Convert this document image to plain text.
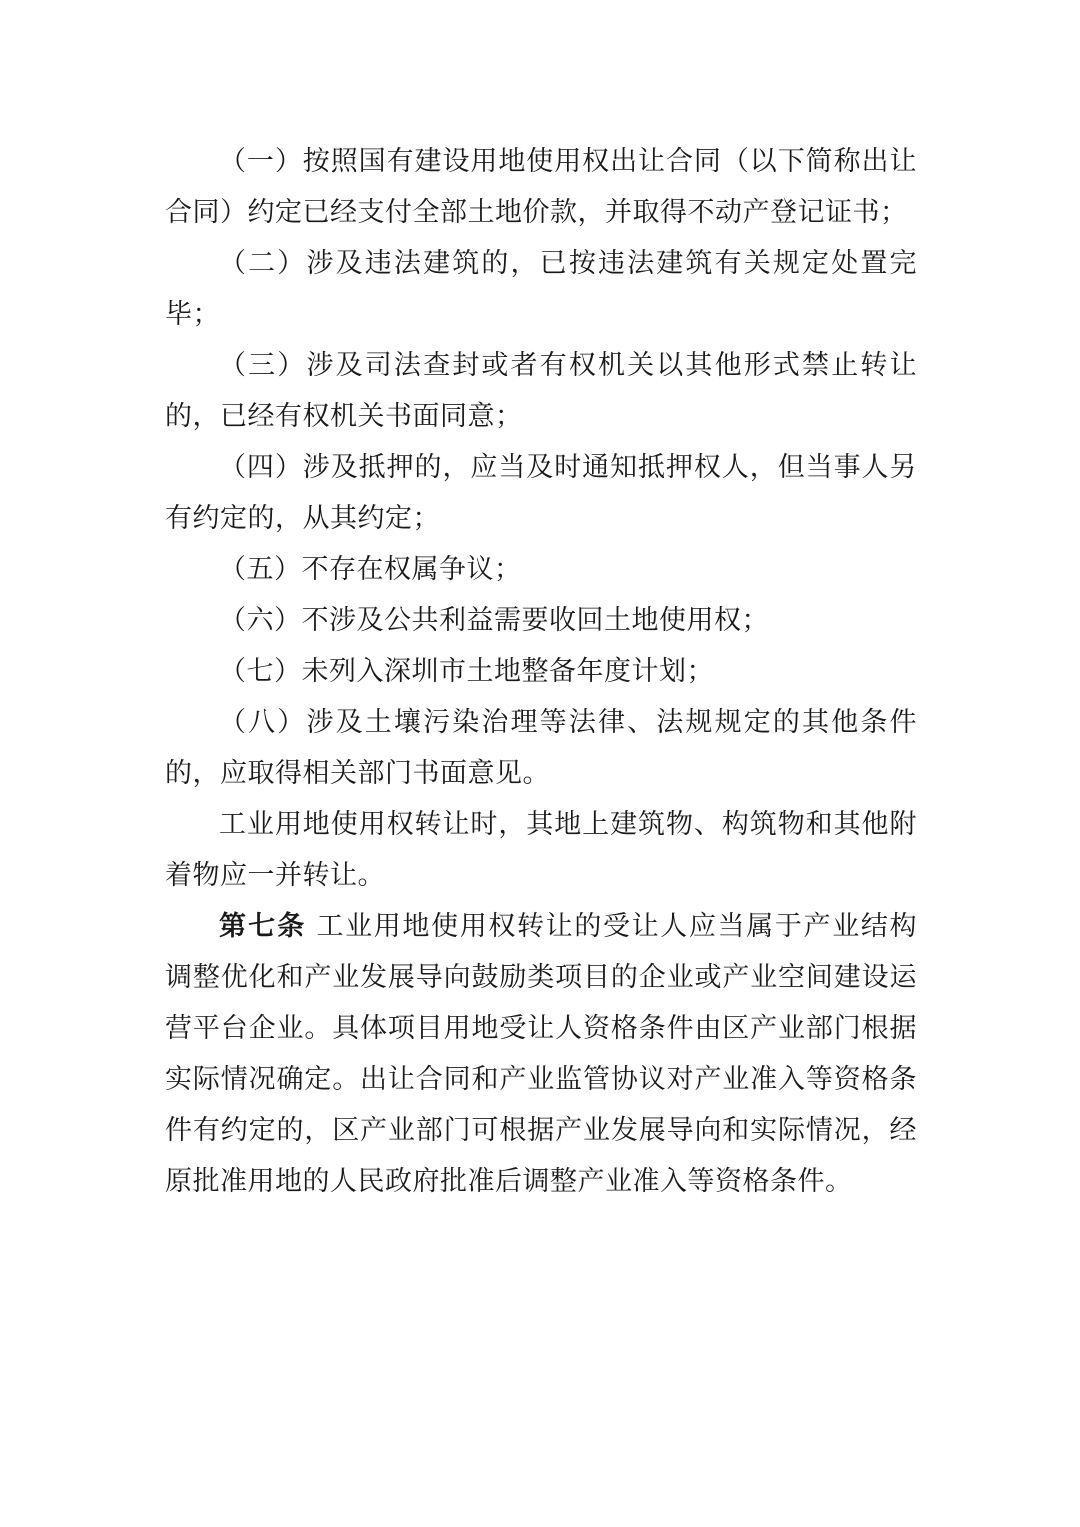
（一）按照国有建设用地使用权出让合同（以下简称出让合同）约定已经支付全部土地价款，并取得不动产登记证书；

（二）涉及违法建筑的，已按违法建筑有关规定处置完毕；

（三）涉及司法查封或者有权机关以其他形式禁止转让的，已经有权机关书面同意；

（四）涉及抵押的，应当及时通知抵押权人，但当事人另有约定的，从其约定；

（五）不存在权属争议；

（六）不涉及公共利益需要收回土地使用权；

（七）未列入深圳市土地整备年度计划；

（八）涉及土壤污染治理等法律、法规规定的其他条件的，应取得相关部门书面意见。

工业用地使用权转让时，其地上建筑物、构筑物和其他附着物应一并转让。

第七条 工业用地使用权转让的受让人应当属于产业结构调整优化和产业发展导向鼓励类项目的企业或产业空间建设运营平台企业。具体项目用地受让人资格条件由区产业部门根据实际情况确定。出让合同和产业监管协议对产业准入等资格条件有约定的，区产业部门可根据产业发展导向和实际情况，经原批准用地的人民政府批准后调整产业准入等资格条件。
